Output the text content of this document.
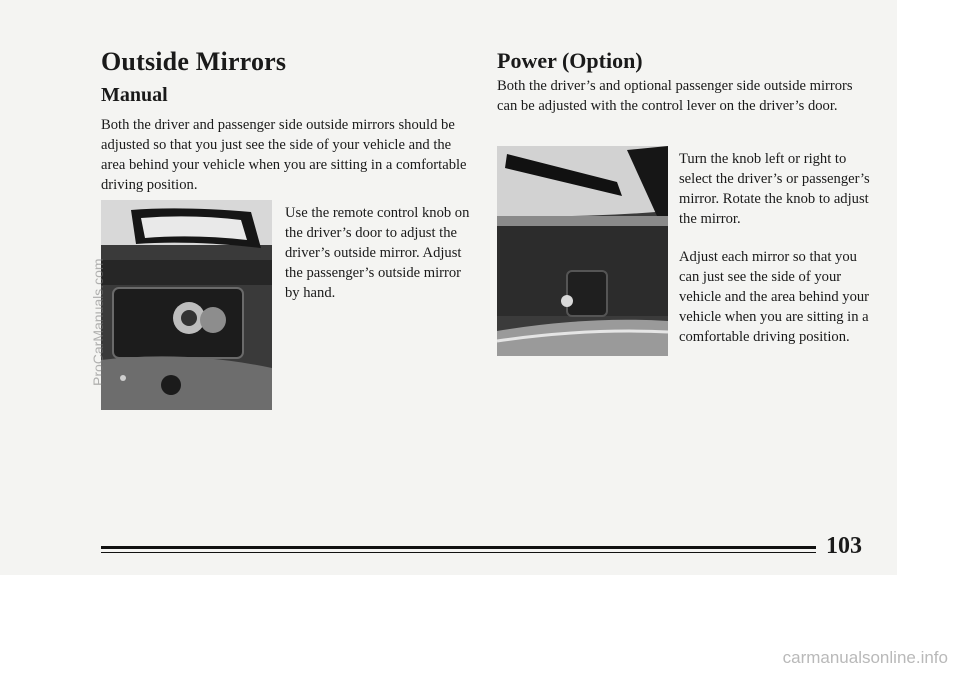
Outside Mirrors
Manual

Both the driver and passenger side outside mirrors should be adjusted so that you just see the side of your vehicle and the area behind your vehicle when you are sitting in a comfortable driving position.

Use the remote control knob on the driver’s door to adjust the driver’s outside mirror. Adjust the passenger’s outside mirror by hand.

Power (Option)

Both the driver’s and optional passenger side outside mirrors can be adjusted with the control lever on the driver’s door.

Turn the knob left or right to select the driver’s or passenger’s mirror. Rotate the knob to adjust the mirror.

Adjust each mirror so that you can just see the side of your vehicle and the area behind your vehicle when you are sitting in a comfortable driving position.

ProCarManuals.com
103
carmanualsonline.info
